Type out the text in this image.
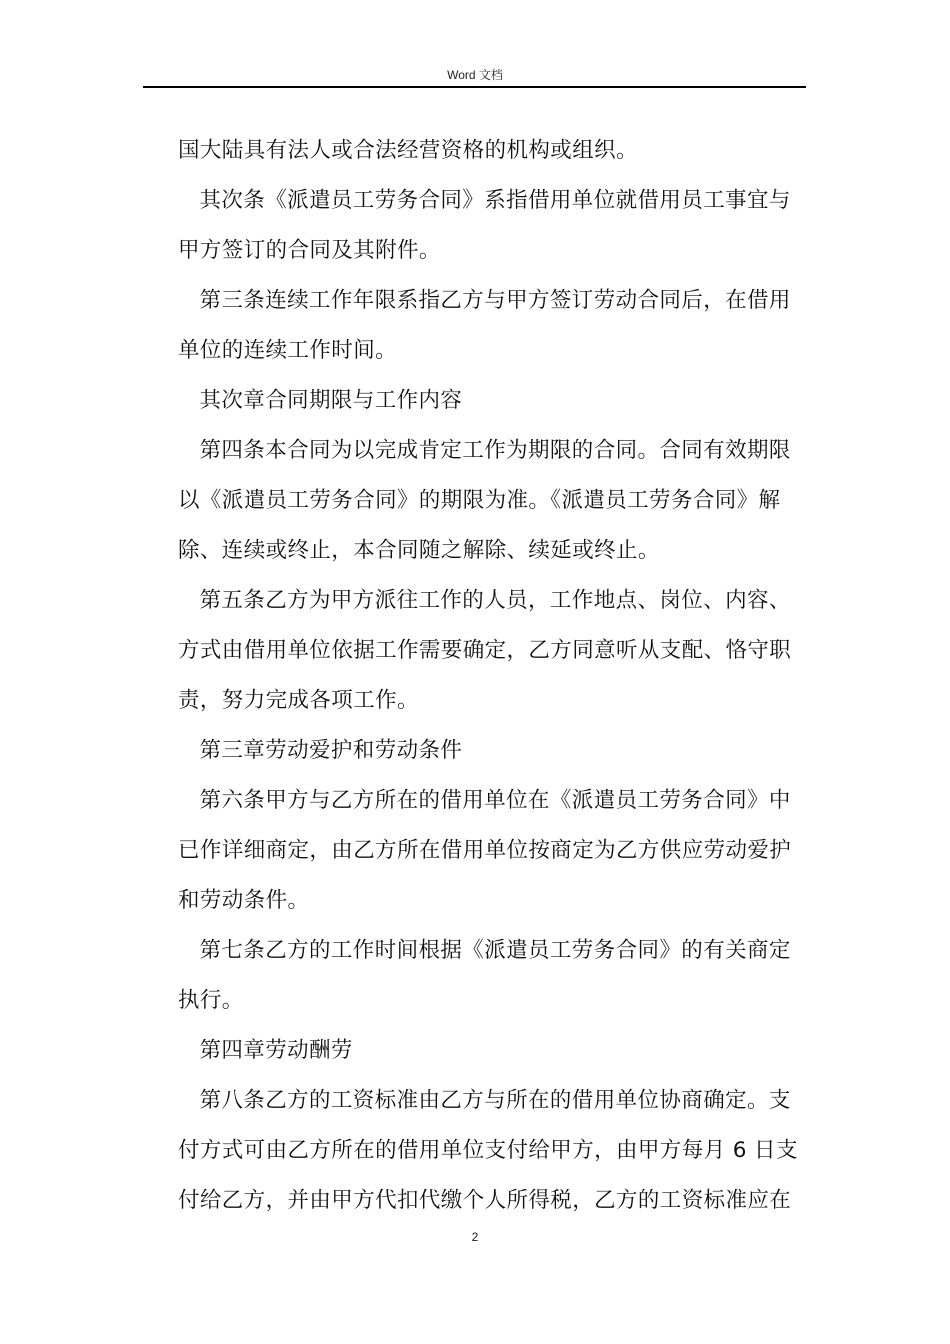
Word 文档

国大陆具有法人或合法经营资格的机构或组织。

其次条《派遣员工劳务合同》系指借用单位就借用员工事宜与甲方签订的合同及其附件。

第三条连续工作年限系指乙方与甲方签订劳动合同后，在借用单位的连续工作时间。

其次章合同期限与工作内容

第四条本合同为以完成肯定工作为期限的合同。合同有效期限以《派遣员工劳务合同》的期限为准。《派遣员工劳务合同》解除、连续或终止，本合同随之解除、续延或终止。

第五条乙方为甲方派往工作的人员，工作地点、岗位、内容、方式由借用单位依据工作需要确定，乙方同意听从支配、恪守职责，努力完成各项工作。

第三章劳动爱护和劳动条件

第六条甲方与乙方所在的借用单位在《派遣员工劳务合同》中已作详细商定，由乙方所在借用单位按商定为乙方供应劳动爱护和劳动条件。

第七条乙方的工作时间根据《派遣员工劳务合同》的有关商定执行。

第四章劳动酬劳

第八条乙方的工资标准由乙方与所在的借用单位协商确定。支付方式可由乙方所在的借用单位支付给甲方，由甲方每月 6 日支付给乙方，并由甲方代扣代缴个人所得税，乙方的工资标准应在

2
